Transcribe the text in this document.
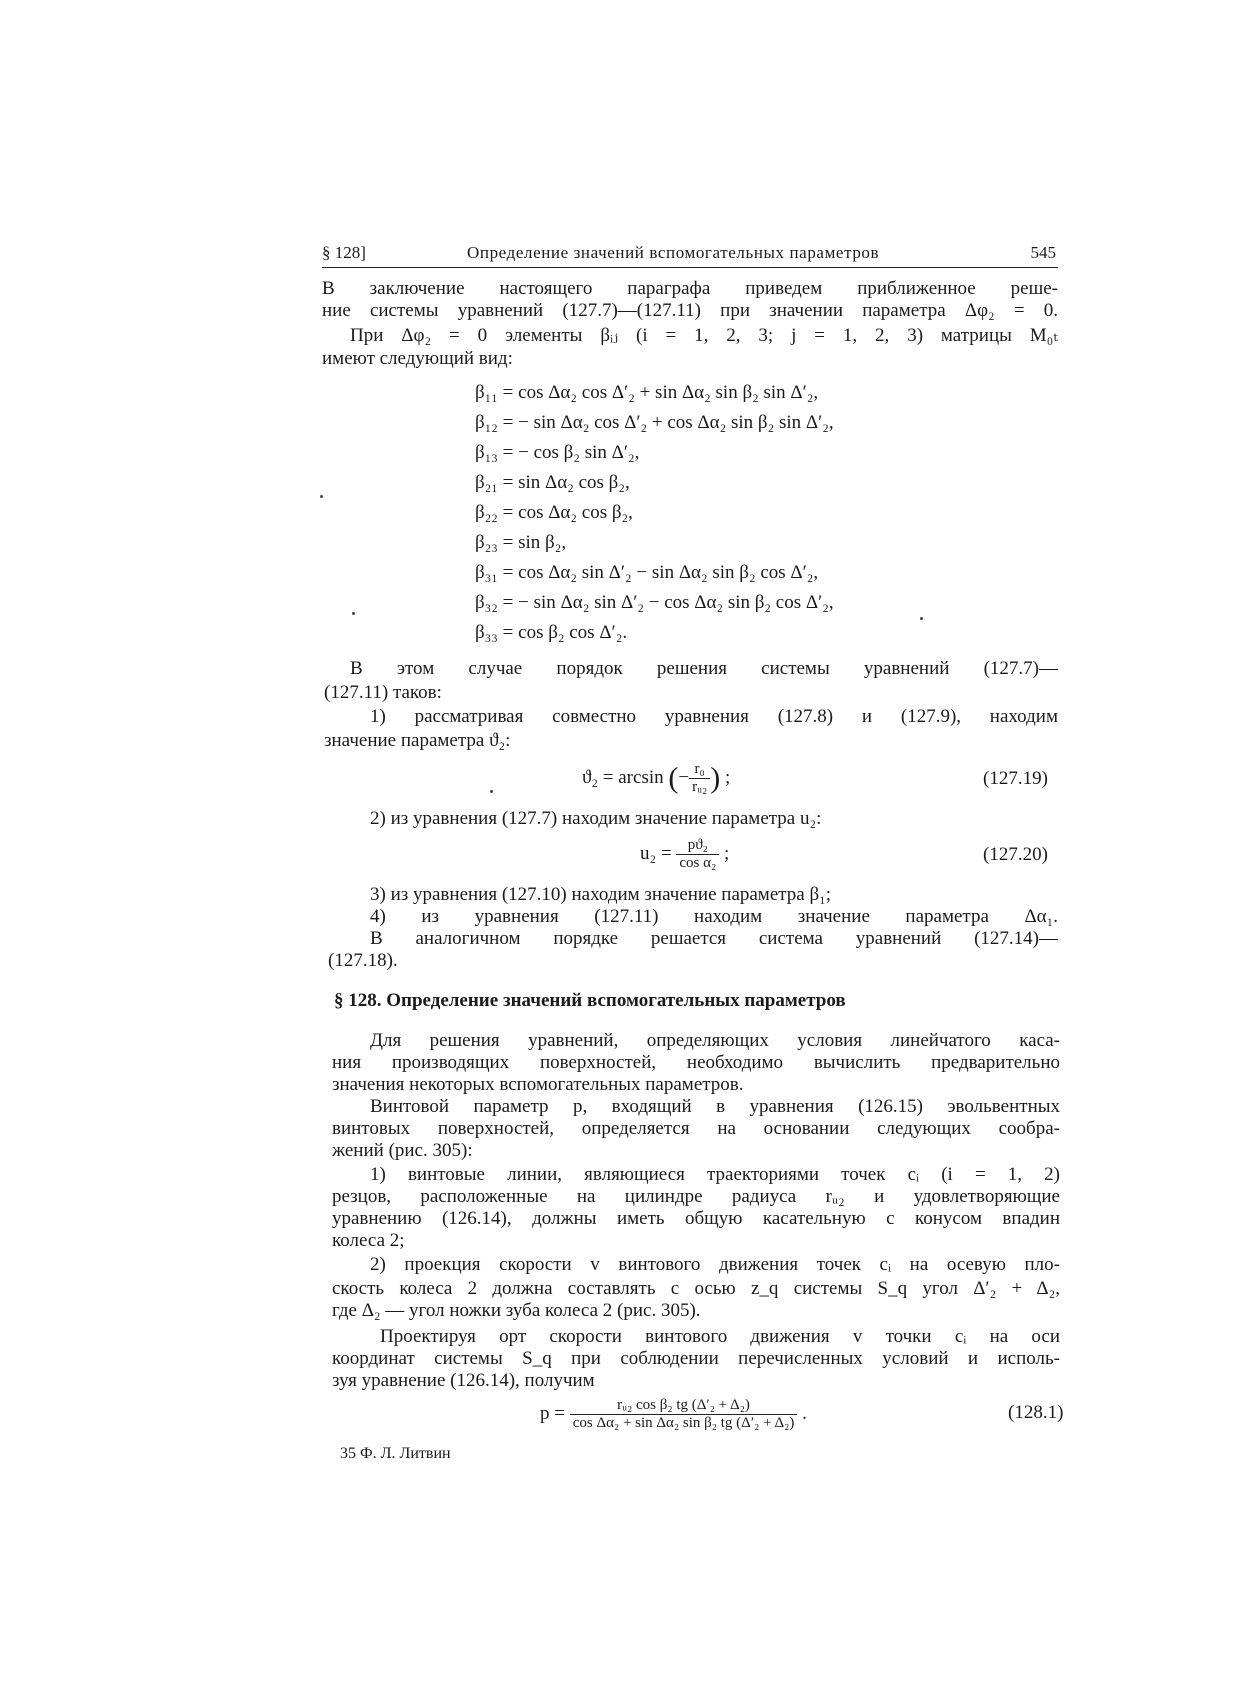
§ 128]	Определение значений вспомогательных параметров	545
В заключение настоящего параграфа приведем приближенное реше-
ние системы уравнений (127.7)—(127.11) при значении параметра Δφ₂ = 0.
При Δφ₂ = 0 элементы βᵢⱼ (i = 1, 2, 3; j = 1, 2, 3) матрицы M₀ₜ
имеют следующий вид:
β₁₁ = cos Δα₂ cos Δ′₂ + sin Δα₂ sin β₂ sin Δ′₂,
β₁₂ = − sin Δα₂ cos Δ′₂ + cos Δα₂ sin β₂ sin Δ′₂,
β₁₃ = − cos β₂ sin Δ′₂,
β₂₁ = sin Δα₂ cos β₂,
β₂₂ = cos Δα₂ cos β₂,
β₂₃ = sin β₂,
β₃₁ = cos Δα₂ sin Δ′₂ − sin Δα₂ sin β₂ cos Δ′₂,
β₃₂ = − sin Δα₂ sin Δ′₂ − cos Δα₂ sin β₂ cos Δ′₂,
β₃₃ = cos β₂ cos Δ′₂.
В этом случае порядок решения системы уравнений (127.7)—
(127.11) таков:
1) рассматривая совместно уравнения (127.8) и (127.9), находим
значение параметра ϑ₂:
ϑ₂ = arcsin (− $\frac{\text{r₀}}{\text{rᵤ₂}}$ ) ;	(127.19)
2) из уравнения (127.7) находим значение параметра u₂:
$u_2 = \frac{\text{pϑ₂}}{\text{cos α₂}}$ ;	(127.20)
3) из уравнения (127.10) находим значение параметра β₁;
4) из уравнения (127.11) находим значение параметра Δα₁.
В аналогичном порядке решается система уравнений (127.14)—
(127.18).
§ 128. Определение значений вспомогательных параметров
Для решения уравнений, определяющих условия линейчатого каса-
ния производящих поверхностей, необходимо вычислить предварительно
значения некоторых вспомогательных параметров.
Винтовой параметр p, входящий в уравнения (126.15) эвольвентных
винтовых поверхностей, определяется на основании следующих сообра-
жений (рис. 305):
1) винтовые линии, являющиеся траекториями точек cᵢ (i = 1, 2)
резцов, расположенные на цилиндре радиуса rᵤ₂ и удовлетворяющие
уравнению (126.14), должны иметь общую касательную с конусом впадин
колеса 2;
2) проекция скорости v винтового движения точек cᵢ на осевую пло-
скость колеса 2 должна составлять с осью z_q системы S_q угол Δ′₂ + Δ₂,
где Δ₂ — угол ножки зуба колеса 2 (рис. 305).
Проектируя орт скорости винтового движения v точки cᵢ на оси
координат системы S_q при соблюдении перечисленных условий и исполь-
зуя уравнение (126.14), получим
$p = \frac{\text{rᵤ₂ cos β₂ tg (Δ′₂ + Δ₂)}}{\text{cos Δα₂ + sin Δα₂ sin β₂ tg (Δ′₂ + Δ₂)}}$ .	(128.1)
35 Ф. Л. Литвин
